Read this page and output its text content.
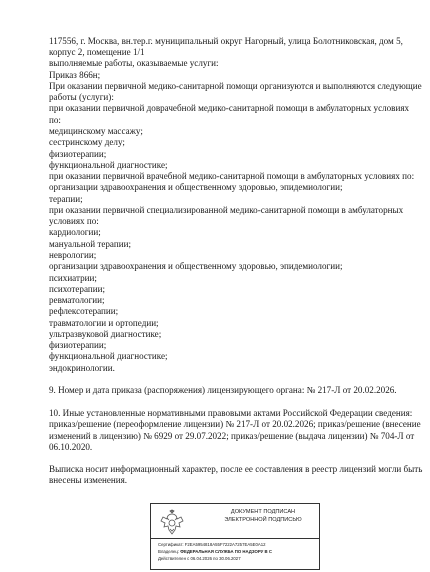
117556, г. Москва, вн.тер.г. муниципальный округ Нагорный, улица Болотниковская, дом 5,
корпус 2, помещение 1/1
выполняемые работы, оказываемые услуги:
Приказ 866н;
При оказании первичной медико-санитарной помощи организуются и выполняются следующие
работы (услуги):
при оказании первичной доврачебной медико-санитарной помощи в амбулаторных условиях
по:
медицинскому массажу;
сестринскому делу;
физиотерапии;
функциональной диагностике;
при оказании первичной врачебной медико-санитарной помощи в амбулаторных условиях по:
организации здравоохранения и общественному здоровью, эпидемиологии;
терапии;
при оказании первичной специализированной медико-санитарной помощи в амбулаторных
условиях по:
кардиологии;
мануальной терапии;
неврологии;
организации здравоохранения и общественному здоровью, эпидемиологии;
психиатрии;
психотерапии;
ревматологии;
рефлексотерапии;
травматологии и ортопедии;
ультразвуковой диагностике;
физиотерапии;
функциональной диагностике;
эндокринологии.
9. Номер и дата приказа (распоряжения) лицензирующего органа: № 217-Л от 20.02.2026.
10. Иные установленные нормативными правовыми актами Российской Федерации сведения:
приказ/решение (переоформление лицензии) № 217-Л от 20.02.2026; приказ/решение (внесение
изменений в лицензию) № 6929 от 29.07.2022; приказ/решение (выдача лицензии) № 704-Л от
06.10.2020.
Выписка носит информационный характер, после ее составления в реестр лицензий могли быть
внесены изменения.
ДОКУМЕНТ ПОДПИСАН
ЭЛЕКТРОННОЙ ПОДПИСЬЮ
Сертификат: F2EA5954818A55F7222A7257EA5E0A12
Владелец: ФЕДЕРАЛЬНАЯ СЛУЖБА ПО НАДЗОРУ В С
Действителен с 06.04.2026 по 30.06.2027
